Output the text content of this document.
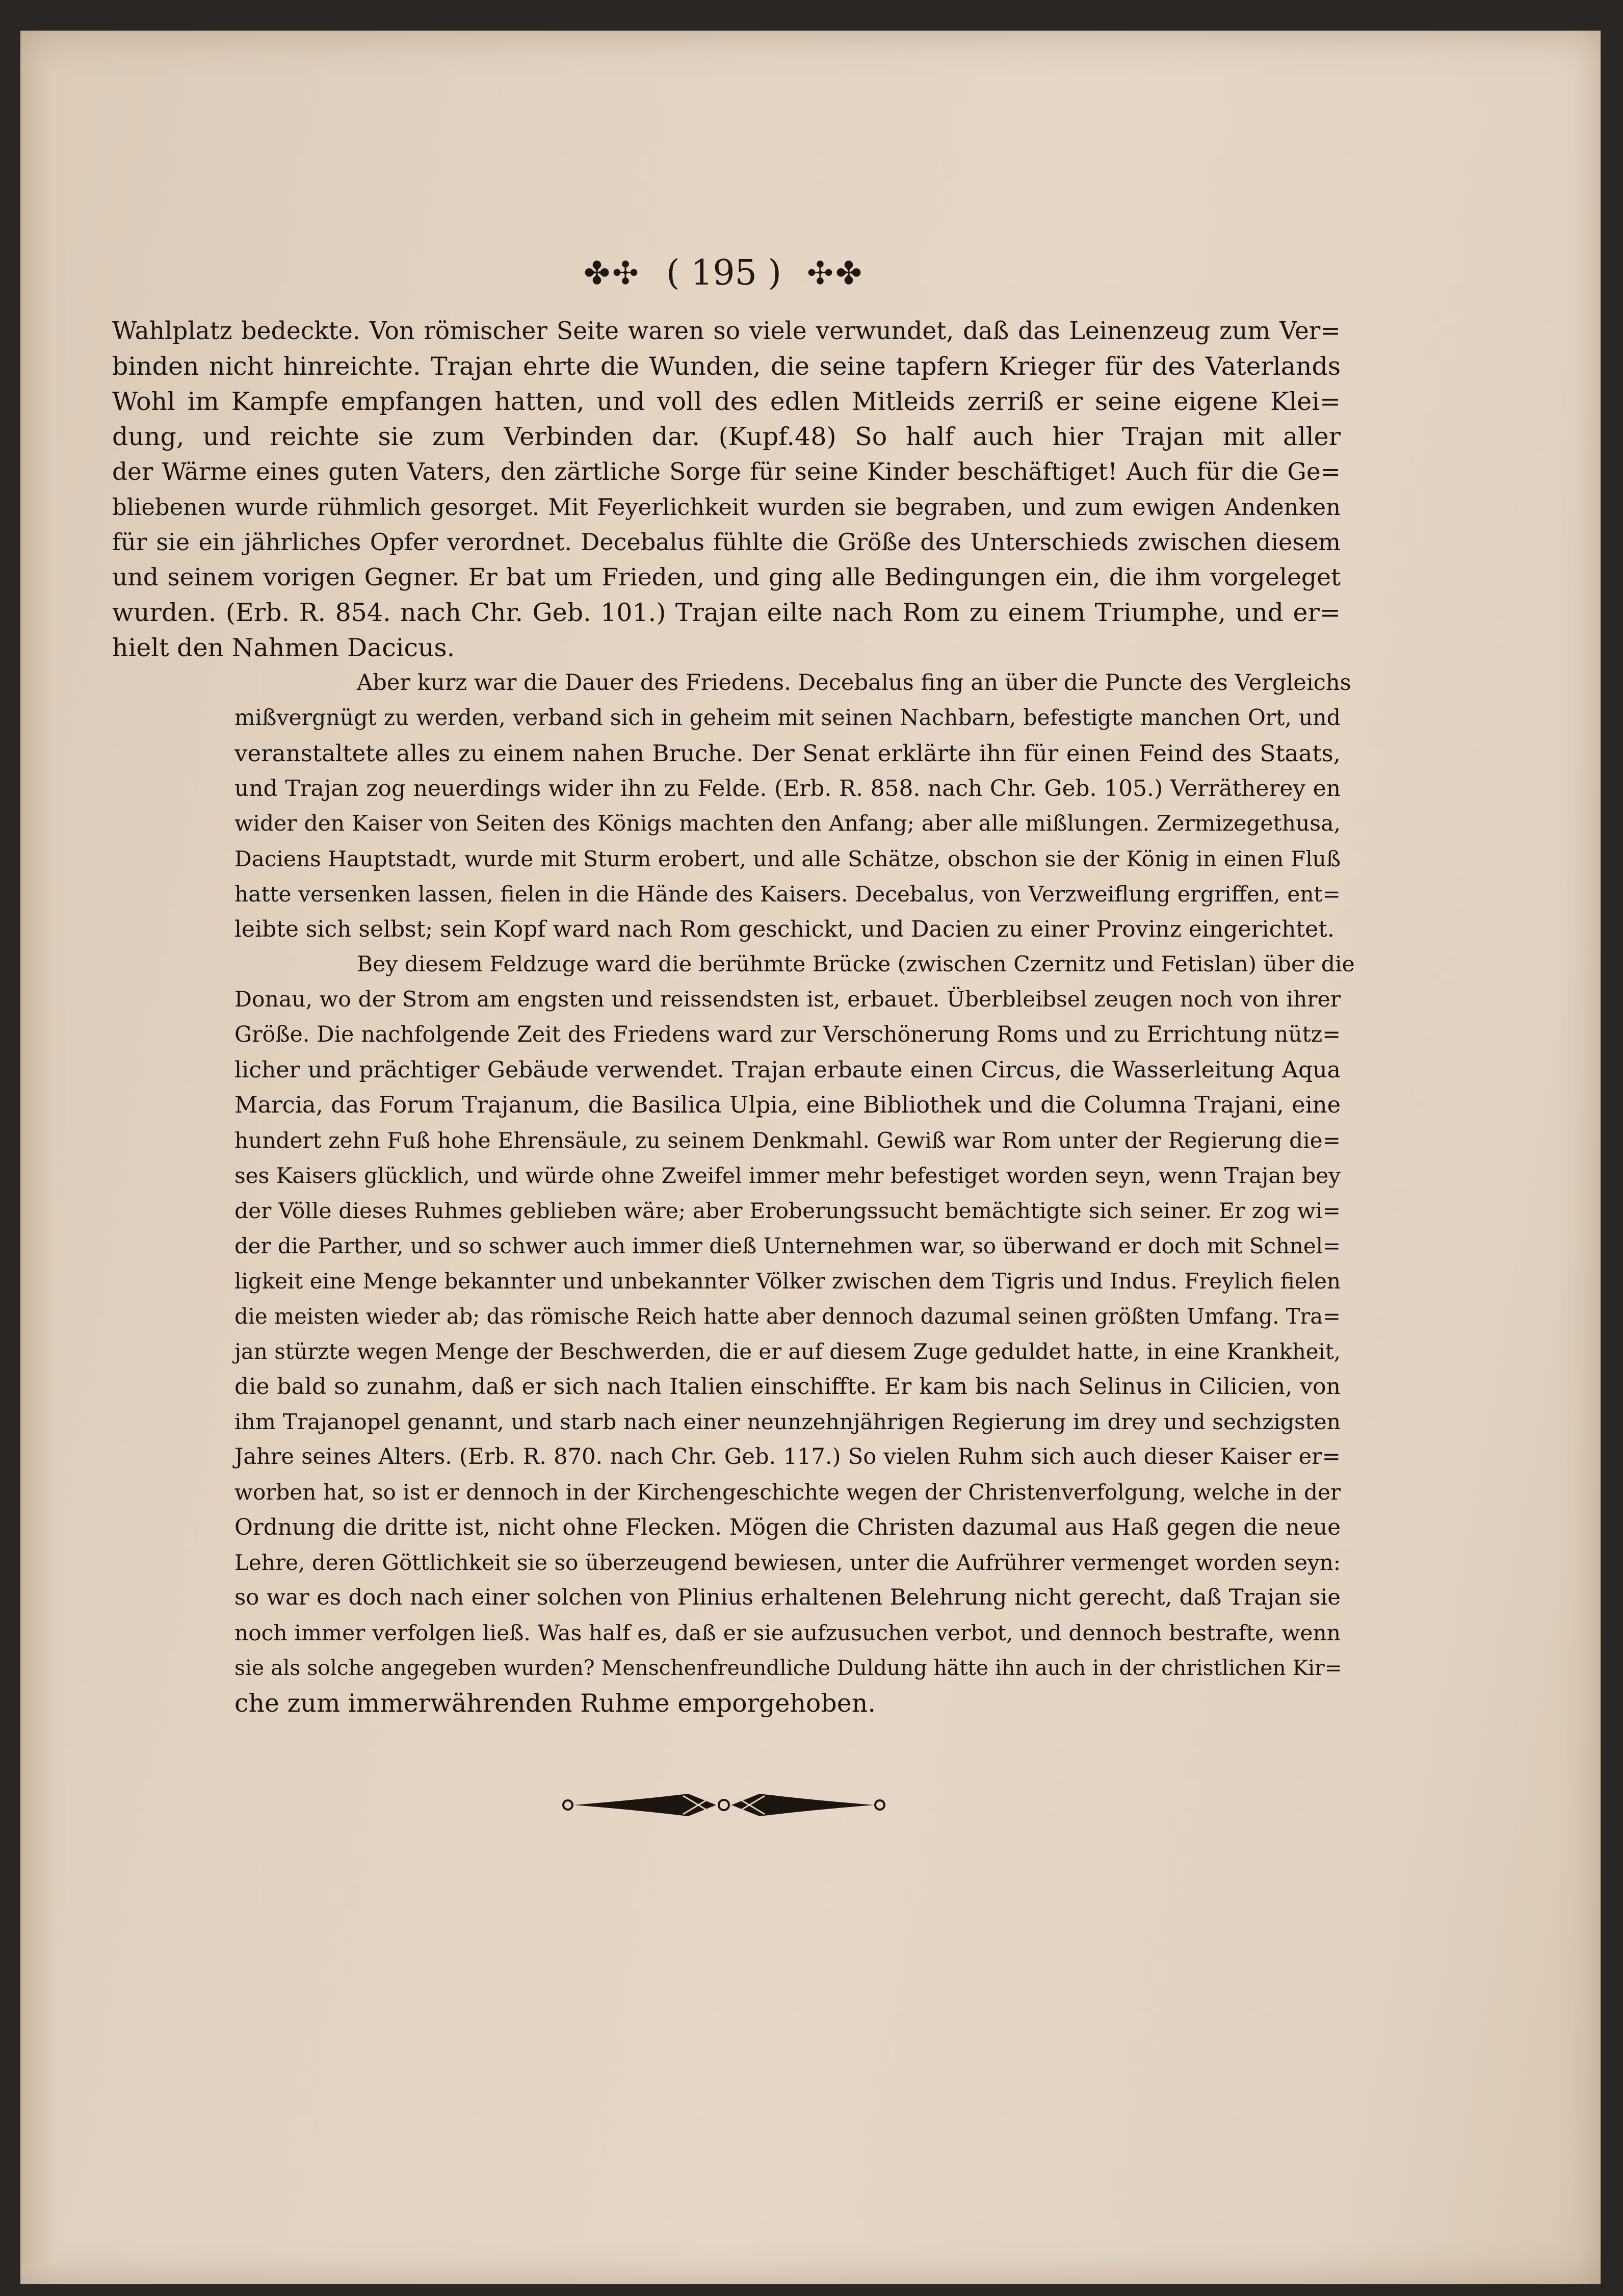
✤✣ ( 195 ) ✣✤
Wahlplatz bedeckte. Von römischer Seite waren so viele verwundet, daß das Leinenzeug zum Ver=
binden nicht hinreichte. Trajan ehrte die Wunden, die seine tapfern Krieger für des Vaterlands
Wohl im Kampfe empfangen hatten, und voll des edlen Mitleids zerriß er seine eigene Klei=
dung, und reichte sie zum Verbinden dar. (Kupf.48) So half auch hier Trajan mit aller
der Wärme eines guten Vaters, den zärtliche Sorge für seine Kinder beschäftiget! Auch für die Ge=
bliebenen wurde rühmlich gesorget. Mit Feyerlichkeit wurden sie begraben, und zum ewigen Andenken
für sie ein jährliches Opfer verordnet. Decebalus fühlte die Größe des Unterschieds zwischen diesem
und seinem vorigen Gegner. Er bat um Frieden, und ging alle Bedingungen ein, die ihm vorgeleget
wurden. (Erb. R. 854. nach Chr. Geb. 101.) Trajan eilte nach Rom zu einem Triumphe, und er=
hielt den Nahmen Dacicus.
Aber kurz war die Dauer des Friedens. Decebalus fing an über die Puncte des Vergleichs
mißvergnügt zu werden, verband sich in geheim mit seinen Nachbarn, befestigte manchen Ort, und
veranstaltete alles zu einem nahen Bruche. Der Senat erklärte ihn für einen Feind des Staats,
und Trajan zog neuerdings wider ihn zu Felde. (Erb. R. 858. nach Chr. Geb. 105.) Verrätherey en
wider den Kaiser von Seiten des Königs machten den Anfang; aber alle mißlungen. Zermizegethusa,
Daciens Hauptstadt, wurde mit Sturm erobert, und alle Schätze, obschon sie der König in einen Fluß
hatte versenken lassen, fielen in die Hände des Kaisers. Decebalus, von Verzweiflung ergriffen, ent=
leibte sich selbst; sein Kopf ward nach Rom geschickt, und Dacien zu einer Provinz eingerichtet.
Bey diesem Feldzuge ward die berühmte Brücke (zwischen Czernitz und Fetislan) über die
Donau, wo der Strom am engsten und reissendsten ist, erbauet. Überbleibsel zeugen noch von ihrer
Größe. Die nachfolgende Zeit des Friedens ward zur Verschönerung Roms und zu Errichtung nütz=
licher und prächtiger Gebäude verwendet. Trajan erbaute einen Circus, die Wasserleitung Aqua
Marcia, das Forum Trajanum, die Basilica Ulpia, eine Bibliothek und die Columna Trajani, eine
hundert zehn Fuß hohe Ehrensäule, zu seinem Denkmahl. Gewiß war Rom unter der Regierung die=
ses Kaisers glücklich, und würde ohne Zweifel immer mehr befestiget worden seyn, wenn Trajan bey
der Völle dieses Ruhmes geblieben wäre; aber Eroberungssucht bemächtigte sich seiner. Er zog wi=
der die Parther, und so schwer auch immer dieß Unternehmen war, so überwand er doch mit Schnel=
ligkeit eine Menge bekannter und unbekannter Völker zwischen dem Tigris und Indus. Freylich fielen
die meisten wieder ab; das römische Reich hatte aber dennoch dazumal seinen größten Umfang. Tra=
jan stürzte wegen Menge der Beschwerden, die er auf diesem Zuge geduldet hatte, in eine Krankheit,
die bald so zunahm, daß er sich nach Italien einschiffte. Er kam bis nach Selinus in Cilicien, von
ihm Trajanopel genannt, und starb nach einer neunzehnjährigen Regierung im drey und sechzigsten
Jahre seines Alters. (Erb. R. 870. nach Chr. Geb. 117.) So vielen Ruhm sich auch dieser Kaiser er=
worben hat, so ist er dennoch in der Kirchengeschichte wegen der Christenverfolgung, welche in der
Ordnung die dritte ist, nicht ohne Flecken. Mögen die Christen dazumal aus Haß gegen die neue
Lehre, deren Göttlichkeit sie so überzeugend bewiesen, unter die Aufrührer vermenget worden seyn:
so war es doch nach einer solchen von Plinius erhaltenen Belehrung nicht gerecht, daß Trajan sie
noch immer verfolgen ließ. Was half es, daß er sie aufzusuchen verbot, und dennoch bestrafte, wenn
sie als solche angegeben wurden? Menschenfreundliche Duldung hätte ihn auch in der christlichen Kir=
che zum immerwährenden Ruhme emporgehoben.
